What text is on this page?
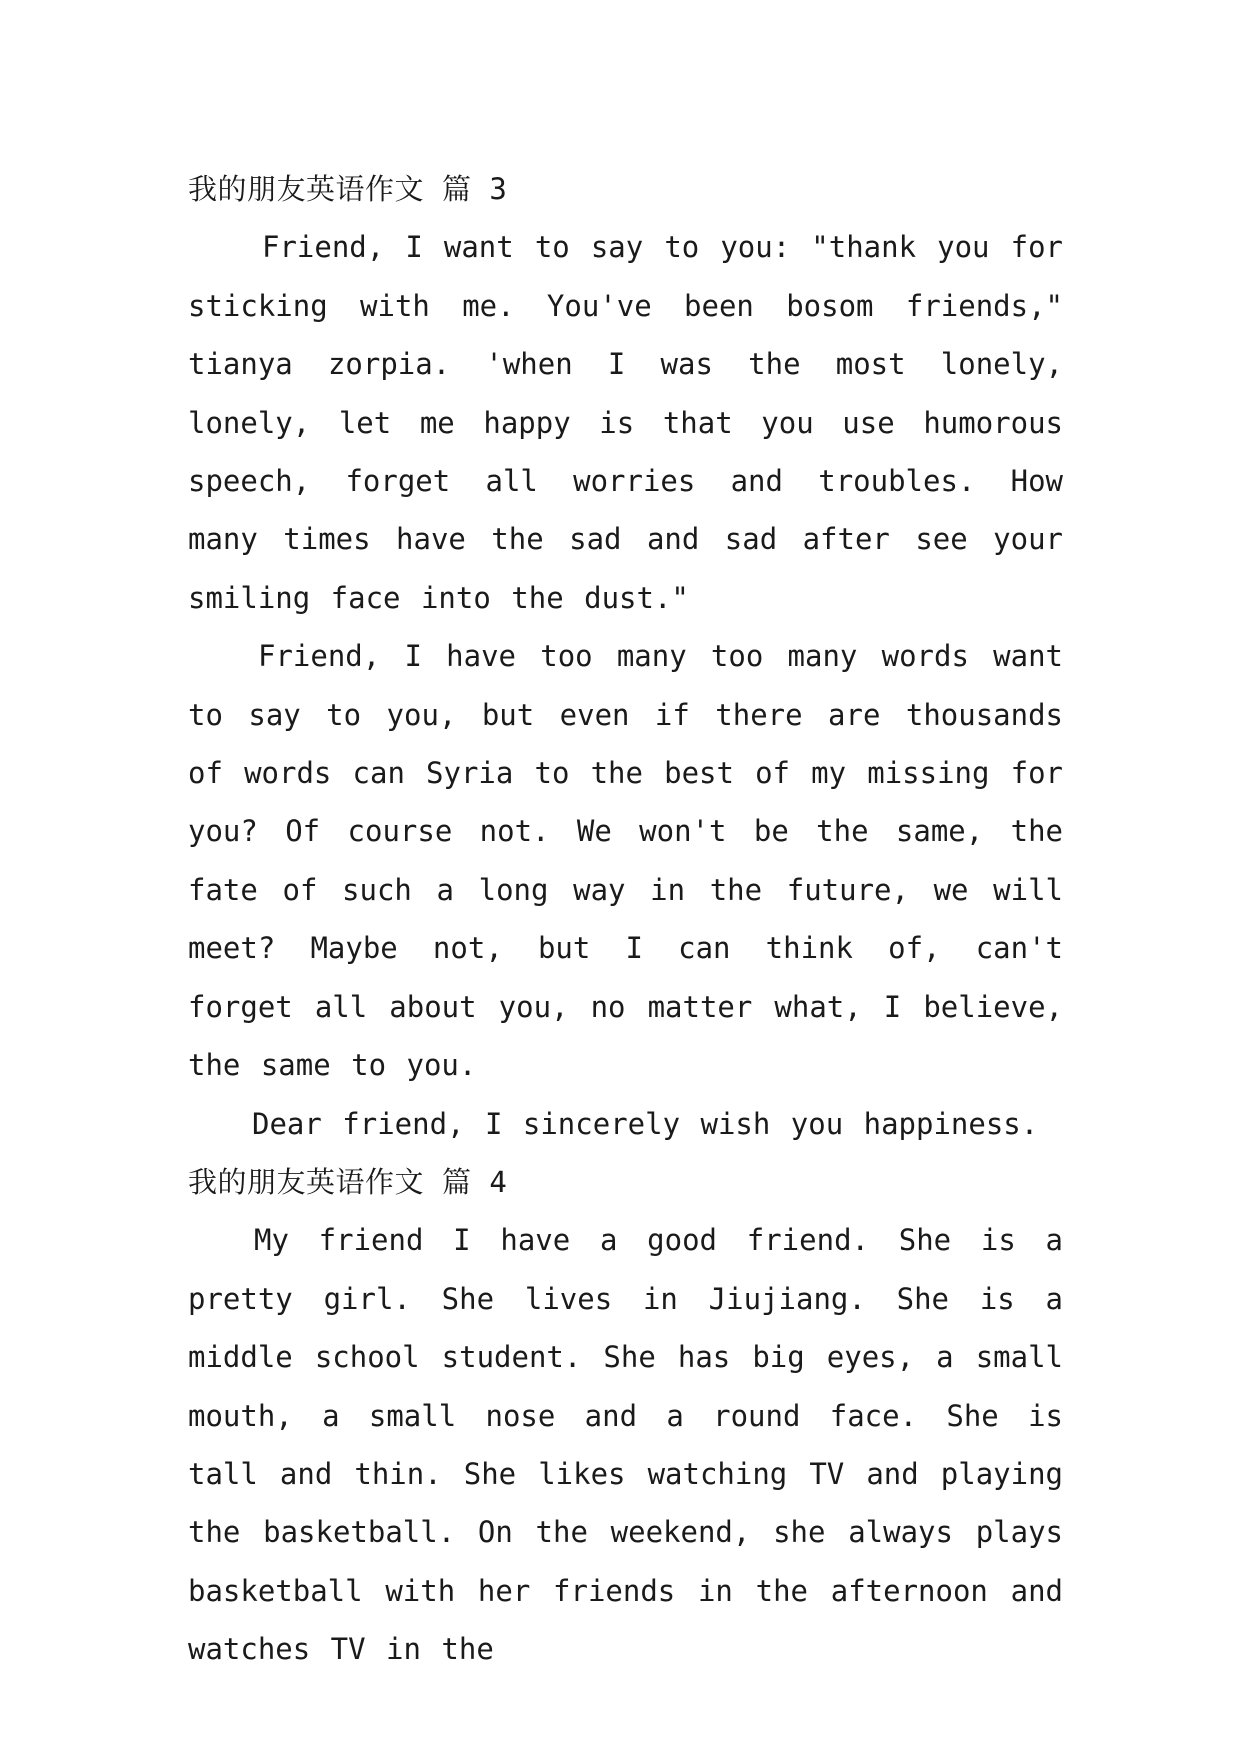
我的朋友英语作文 篇 3

Friend, I want to say to you: "thank you for sticking with me. You've been bosom friends," tianya zorpia. 'when I was the most lonely, lonely, let me happy is that you use humorous speech, forget all worries and troubles. How many times have the sad and sad after see your smiling face into the dust."

Friend, I have too many too many words want to say to you, but even if there are thousands of words can Syria to the best of my missing for you? Of course not. We won't be the same, the fate of such a long way in the future, we will meet? Maybe not, but I can think of, can't forget all about you, no matter what, I believe, the same to you.

Dear friend, I sincerely wish you happiness.

我的朋友英语作文 篇 4

My friend I have a good friend. She is a pretty girl. She lives in Jiujiang. She is a middle school student. She has big eyes, a small mouth, a small nose and a round face. She is tall and thin. She likes watching TV and playing the basketball. On the weekend, she always plays basketball with her friends in the afternoon and watches TV in the
